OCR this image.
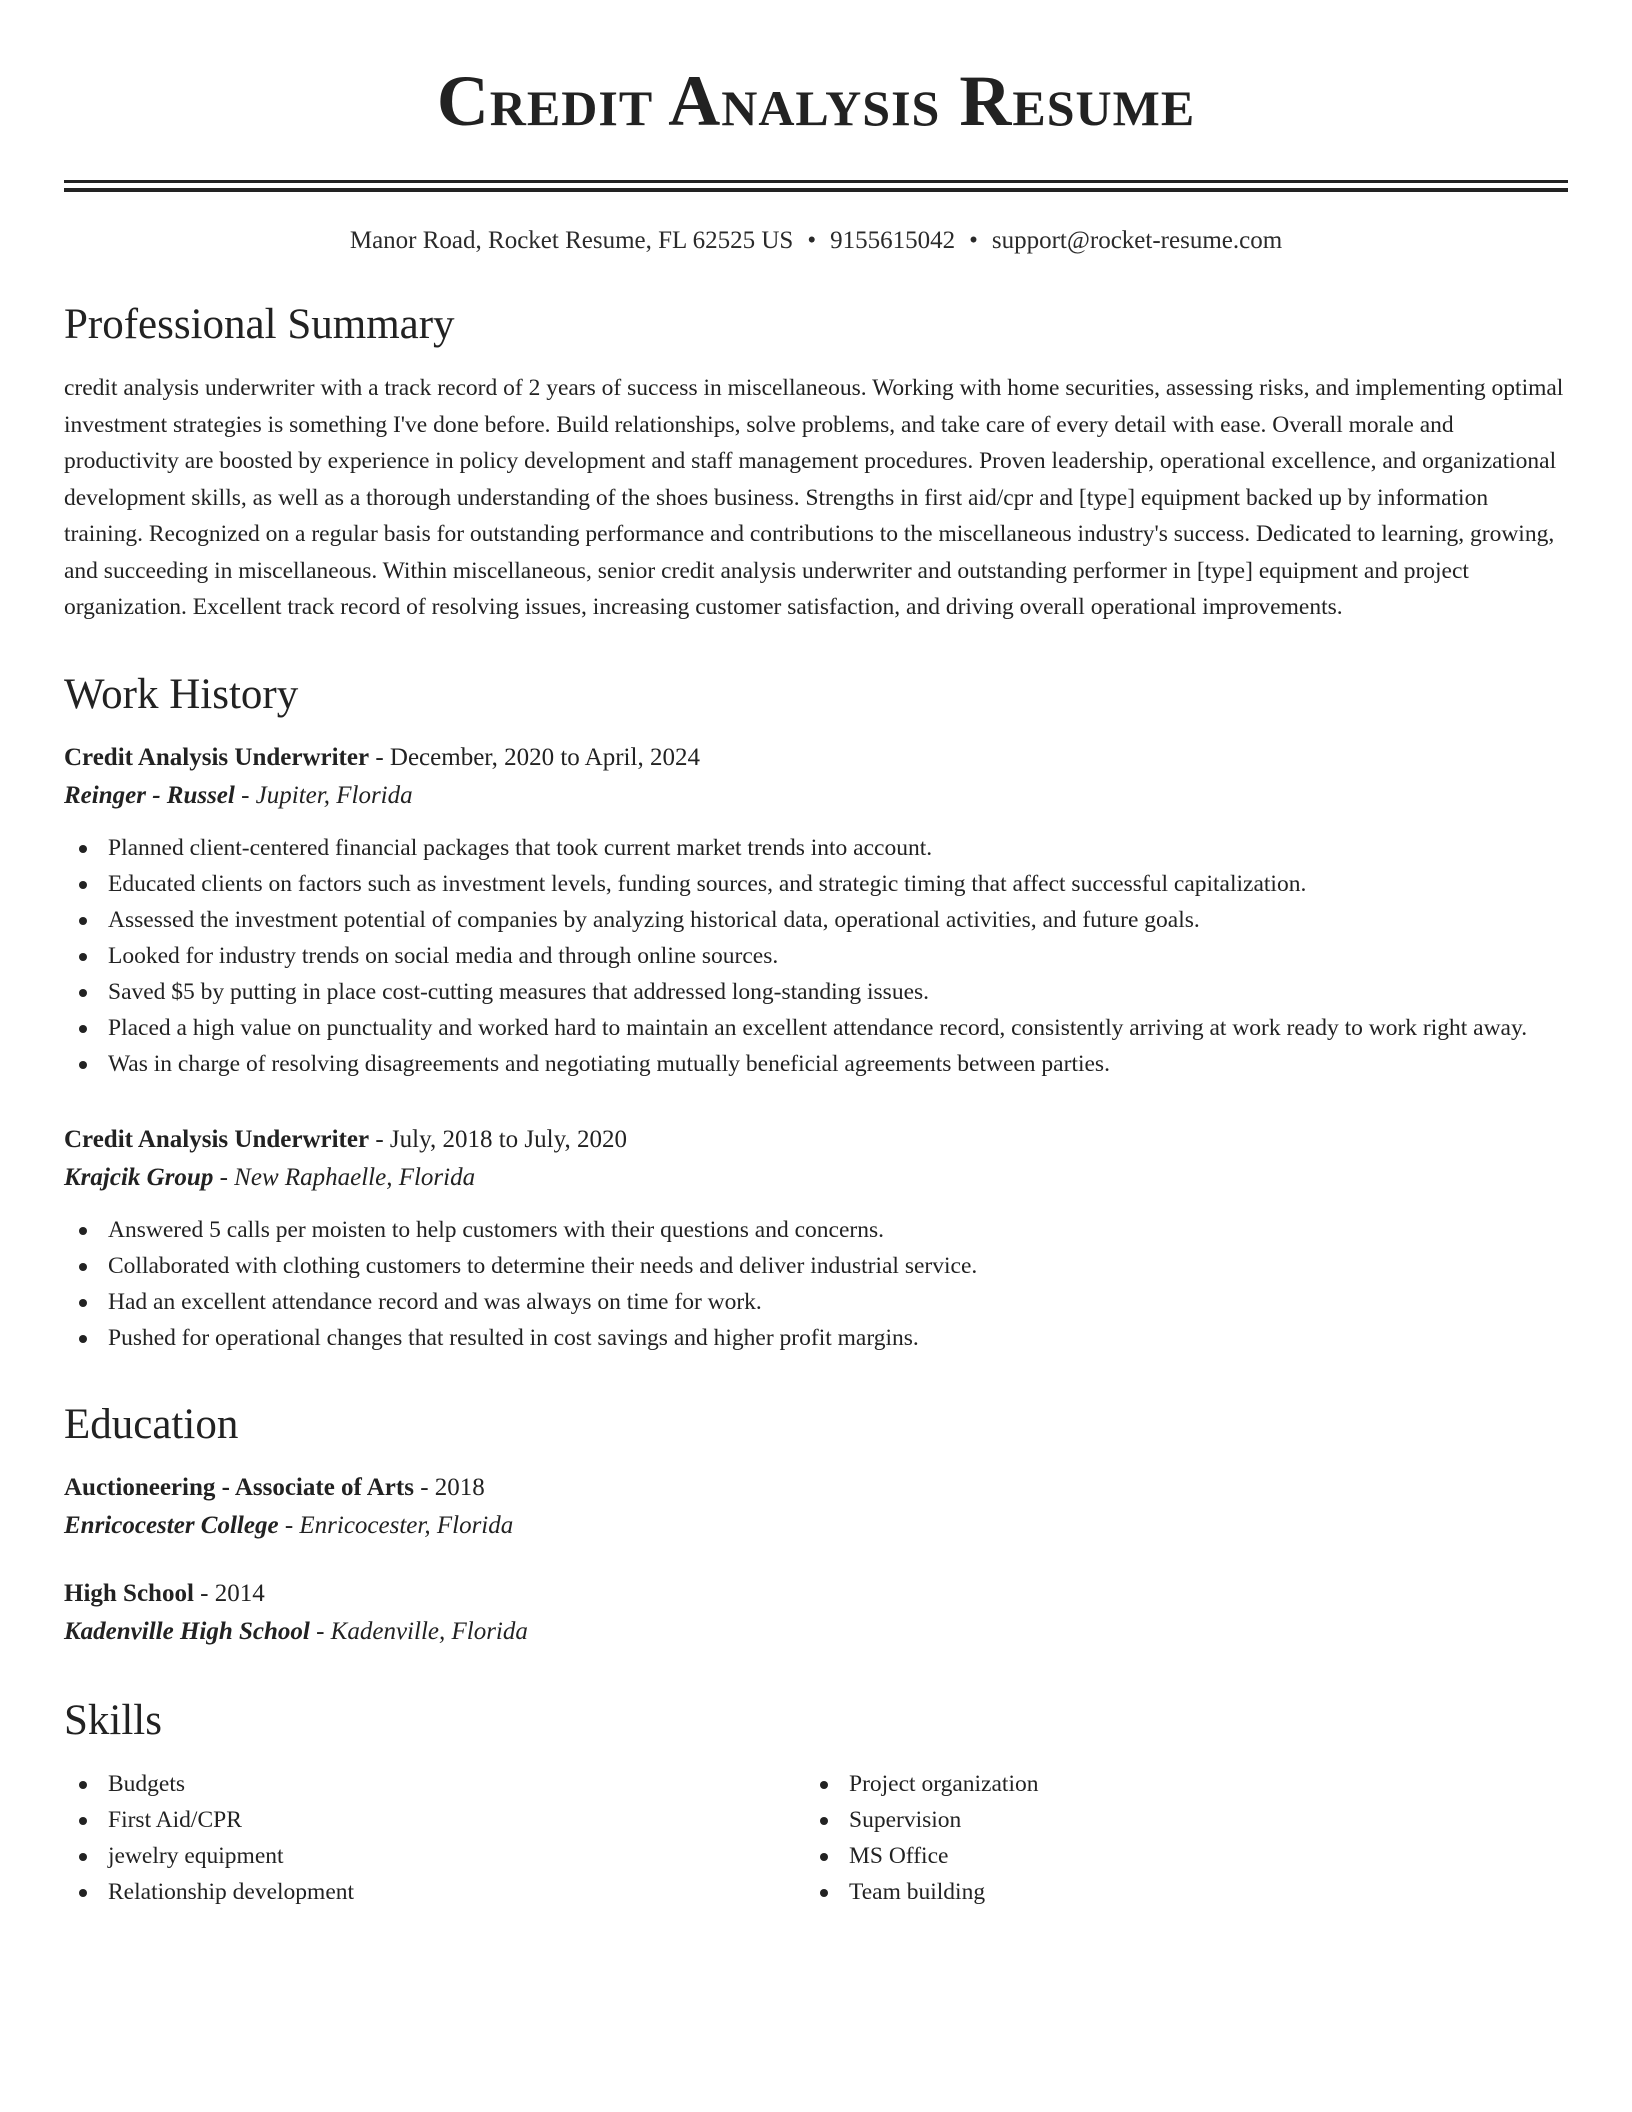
Credit Analysis Resume
Manor Road, Rocket Resume, FL 62525 US • 9155615042 • support@rocket-resume.com
Professional Summary
credit analysis underwriter with a track record of 2 years of success in miscellaneous. Working with home securities, assessing risks, and implementing optimal investment strategies is something I've done before. Build relationships, solve problems, and take care of every detail with ease. Overall morale and productivity are boosted by experience in policy development and staff management procedures. Proven leadership, operational excellence, and organizational development skills, as well as a thorough understanding of the shoes business. Strengths in first aid/cpr and [type] equipment backed up by information training. Recognized on a regular basis for outstanding performance and contributions to the miscellaneous industry's success. Dedicated to learning, growing, and succeeding in miscellaneous. Within miscellaneous, senior credit analysis underwriter and outstanding performer in [type] equipment and project organization. Excellent track record of resolving issues, increasing customer satisfaction, and driving overall operational improvements.
Work History
Credit Analysis Underwriter - December, 2020 to April, 2024
Reinger - Russel - Jupiter, Florida
Planned client-centered financial packages that took current market trends into account.
Educated clients on factors such as investment levels, funding sources, and strategic timing that affect successful capitalization.
Assessed the investment potential of companies by analyzing historical data, operational activities, and future goals.
Looked for industry trends on social media and through online sources.
Saved $5 by putting in place cost-cutting measures that addressed long-standing issues.
Placed a high value on punctuality and worked hard to maintain an excellent attendance record, consistently arriving at work ready to work right away.
Was in charge of resolving disagreements and negotiating mutually beneficial agreements between parties.
Credit Analysis Underwriter - July, 2018 to July, 2020
Krajcik Group - New Raphaelle, Florida
Answered 5 calls per moisten to help customers with their questions and concerns.
Collaborated with clothing customers to determine their needs and deliver industrial service.
Had an excellent attendance record and was always on time for work.
Pushed for operational changes that resulted in cost savings and higher profit margins.
Education
Auctioneering - Associate of Arts - 2018
Enricocester College - Enricocester, Florida
High School - 2014
Kadenville High School - Kadenville, Florida
Skills
Budgets
First Aid/CPR
jewelry equipment
Relationship development
Project organization
Supervision
MS Office
Team building
